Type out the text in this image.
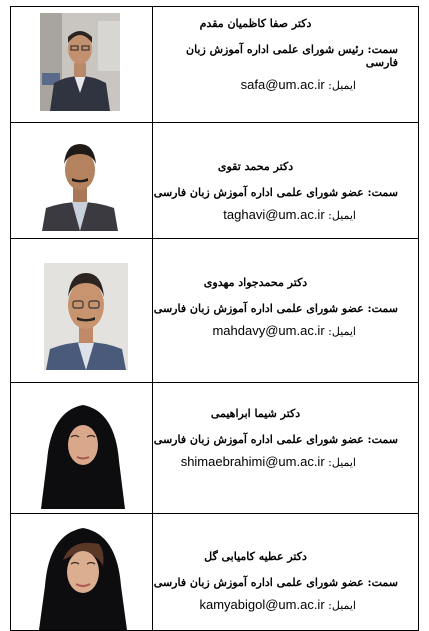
دکتر صفا کاظمیان مقدم
سمت: رئیس شورای علمی اداره آموزش زبان فارسی
ایمیل: safa@um.ac.ir
دکتر محمد تقوی
سمت: عضو شورای علمی اداره آموزش زبان فارسی
ایمیل: taghavi@um.ac.ir
دکتر محمدجواد مهدوی
سمت: عضو شورای علمی اداره آموزش زبان فارسی
ایمیل: mahdavy@um.ac.ir
دکتر شیما ابراهیمی
سمت: عضو شورای علمی اداره آموزش زبان فارسی
ایمیل: shimaebrahimi@um.ac.ir
دکتر عطیه کامیابی گل
سمت: عضو شورای علمی اداره آموزش زبان فارسی
ایمیل: kamyabigol@um.ac.ir
